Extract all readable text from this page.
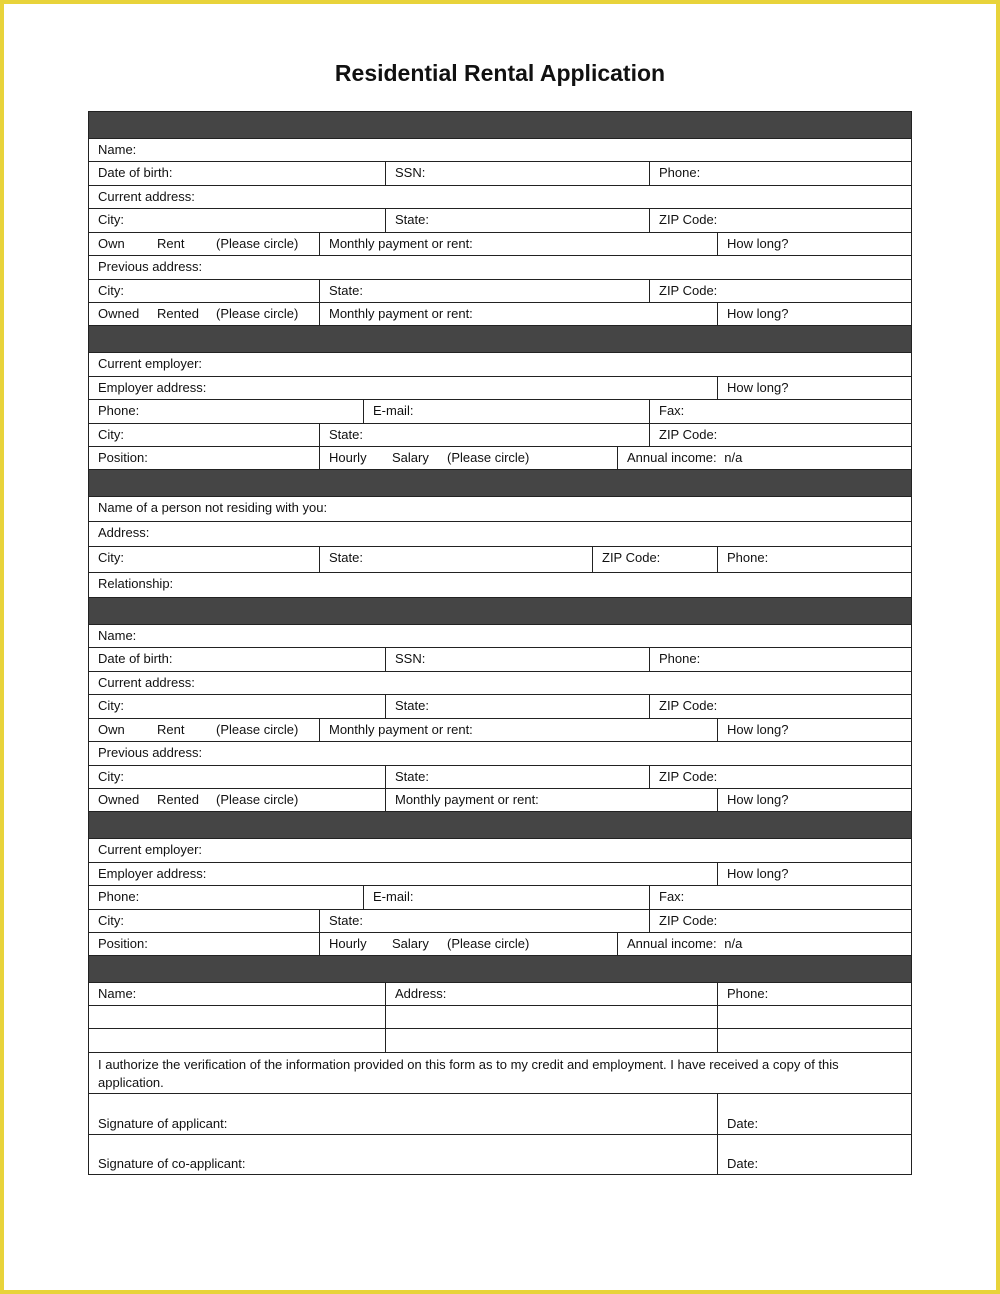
Residential Rental Application
Name:
Date of birth:	SSN:	Phone:
Current address:
City:	State:	ZIP Code:
Own Rent (Please circle)	Monthly payment or rent:	How long?
Previous address:
City:	State:	ZIP Code:
Owned Rented (Please circle)	Monthly payment or rent:	How long?
Current employer:
Employer address:	How long?
Phone:	E-mail:	Fax:
City:	State:	ZIP Code:
Position:	Hourly Salary (Please circle)	Annual income: n/a
Name of a person not residing with you:
Address:
City:	State:	ZIP Code:	Phone:
Relationship:
Name:
Date of birth:	SSN:	Phone:
Current address:
City:	State:	ZIP Code:
Own Rent (Please circle)	Monthly payment or rent:	How long?
Previous address:
City:	State:	ZIP Code:
Owned Rented (Please circle)	Monthly payment or rent:	How long?
Current employer:
Employer address:	How long?
Phone:	E-mail:	Fax:
City:	State:	ZIP Code:
Position:	Hourly Salary (Please circle)	Annual income: n/a
Name:	Address:	Phone:
I authorize the verification of the information provided on this form as to my credit and employment. I have received a copy of this application.
Signature of applicant:	Date:
Signature of co-applicant:	Date:
